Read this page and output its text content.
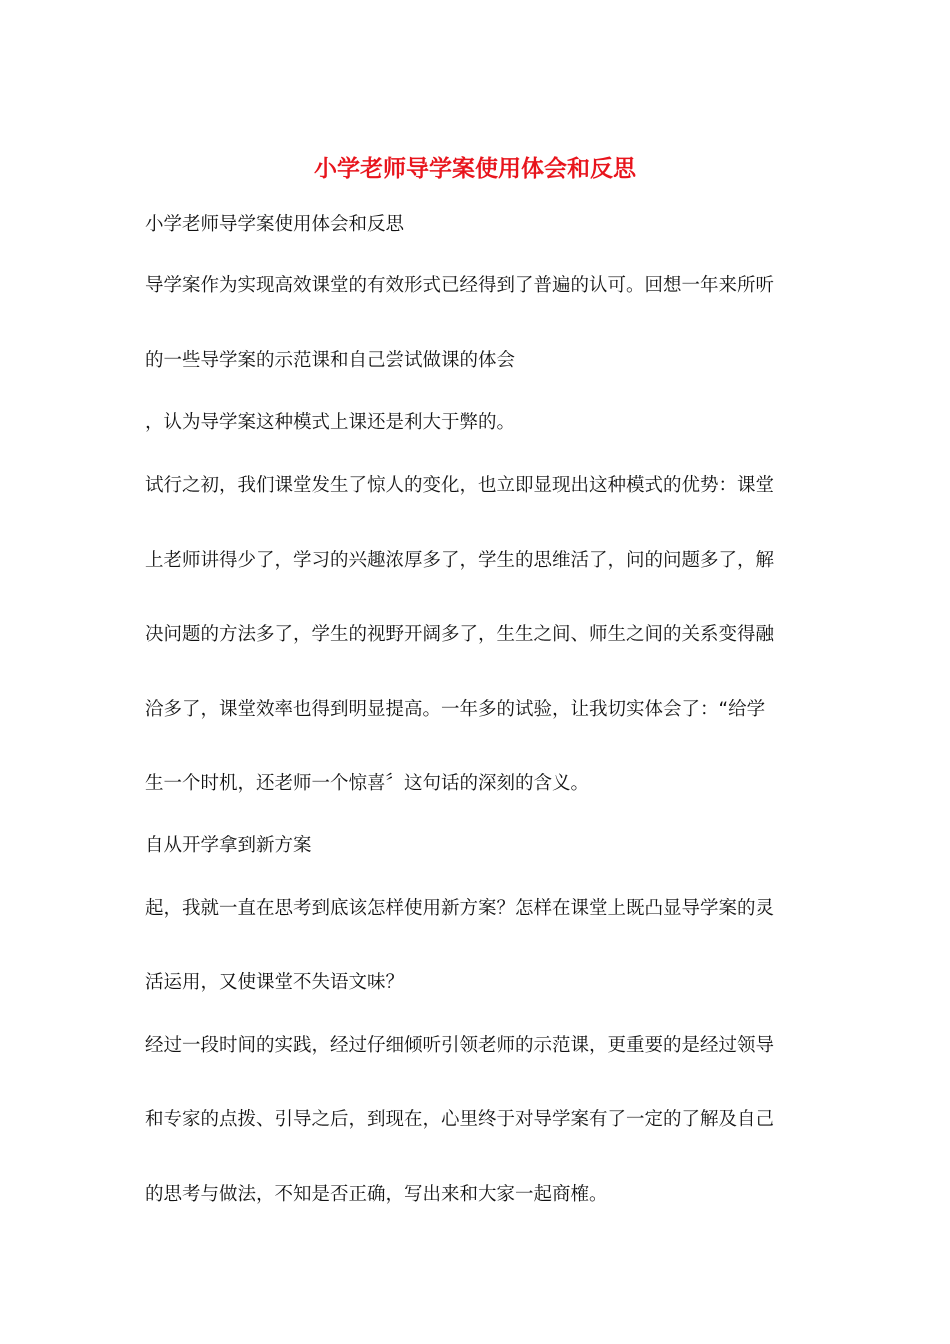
小学老师导学案使用体会和反思
小学老师导学案使用体会和反思
导学案作为实现高效课堂的有效形式已经得到了普遍的认可。回想一年来所听
的一些导学案的示范课和自己尝试做课的体会
，认为导学案这种模式上课还是利大于弊的。
试行之初，我们课堂发生了惊人的变化，也立即显现出这种模式的优势：课堂
上老师讲得少了，学习的兴趣浓厚多了，学生的思维活了，问的问题多了，解
决问题的方法多了，学生的视野开阔多了，生生之间、师生之间的关系变得融
洽多了，课堂效率也得到明显提高。一年多的试验，让我切实体会了：“给学
生一个时机，还老师一个惊喜〞这句话的深刻的含义。
自从开学拿到新方案
起，我就一直在思考到底该怎样使用新方案？怎样在课堂上既凸显导学案的灵
活运用，又使课堂不失语文味？
经过一段时间的实践，经过仔细倾听引领老师的示范课，更重要的是经过领导
和专家的点拨、引导之后，到现在，心里终于对导学案有了一定的了解及自己
的思考与做法，不知是否正确，写出来和大家一起商榷。
